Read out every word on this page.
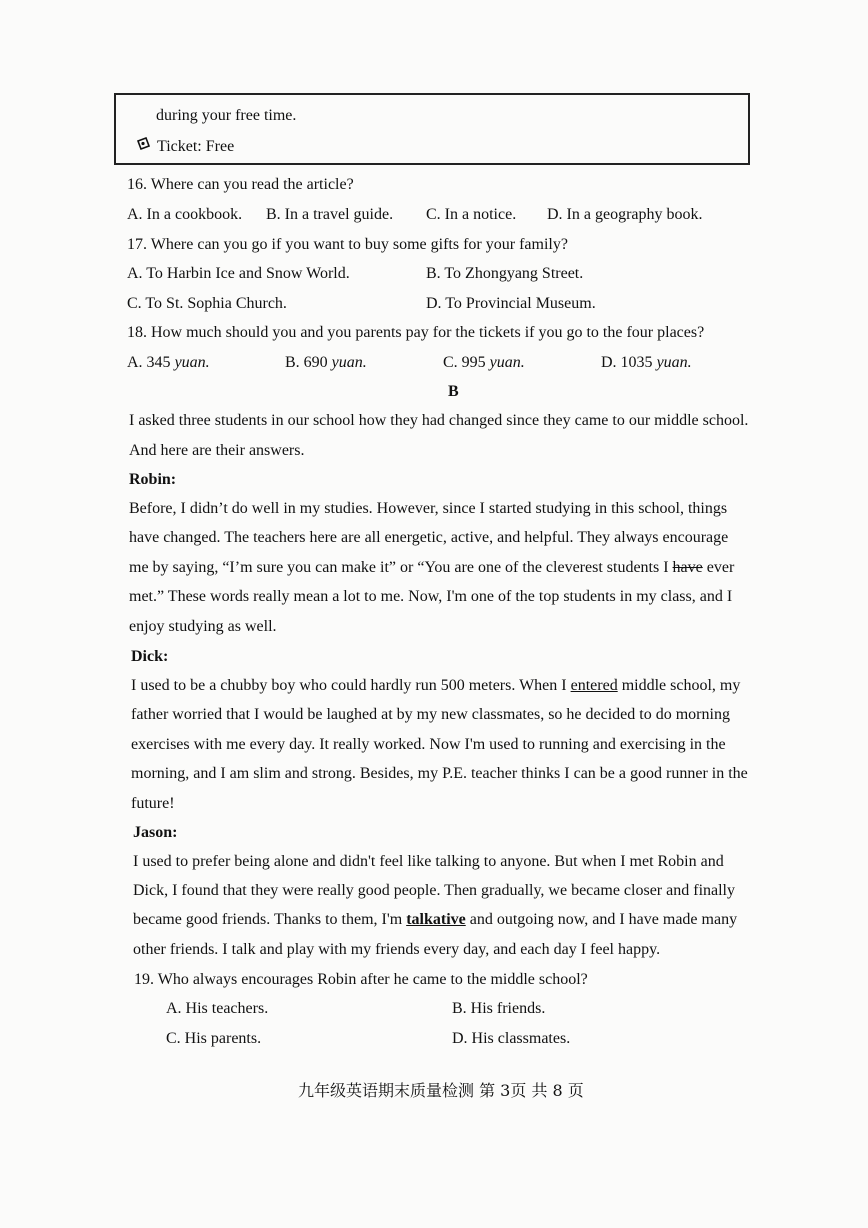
during your free time.
Ticket: Free
16. Where can you read the article?
A. In a cookbook. B. In a travel guide. C. In a notice. D. In a geography book.
17. Where can you go if you want to buy some gifts for your family?
A. To Harbin Ice and Snow World.	B. To Zhongyang Street.
C. To St. Sophia Church.	D. To Provincial Museum.
18. How much should you and you parents pay for the tickets if you go to the four places?
A. 345 yuan.	B. 690 yuan.	C. 995 yuan.	D. 1035 yuan.
B
I asked three students in our school how they had changed since they came to our middle school.
And here are their answers.
Robin:
Before, I didn’t do well in my studies. However, since I started studying in this school, things
have changed. The teachers here are all energetic, active, and helpful. They always encourage
me by saying, “I’m sure you can make it” or “You are one of the cleverest students I have ever
met.” These words really mean a lot to me. Now, I'm one of the top students in my class, and I
enjoy studying as well.
Dick:
I used to be a chubby boy who could hardly run 500 meters. When I entered middle school, my
father worried that I would be laughed at by my new classmates, so he decided to do morning
exercises with me every day. It really worked. Now I'm used to running and exercising in the
morning, and I am slim and strong. Besides, my P.E. teacher thinks I can be a good runner in the
future!
Jason:
I used to prefer being alone and didn't feel like talking to anyone. But when I met Robin and
Dick, I found that they were really good people. Then gradually, we became closer and finally
became good friends. Thanks to them, I'm talkative and outgoing now, and I have made many
other friends. I talk and play with my friends every day, and each day I feel happy.
19. Who always encourages Robin after he came to the middle school?
A. His teachers.	B. His friends.
C. His parents.	D. His classmates.
九年级英语期末质量检测 第 3页 共 8 页
